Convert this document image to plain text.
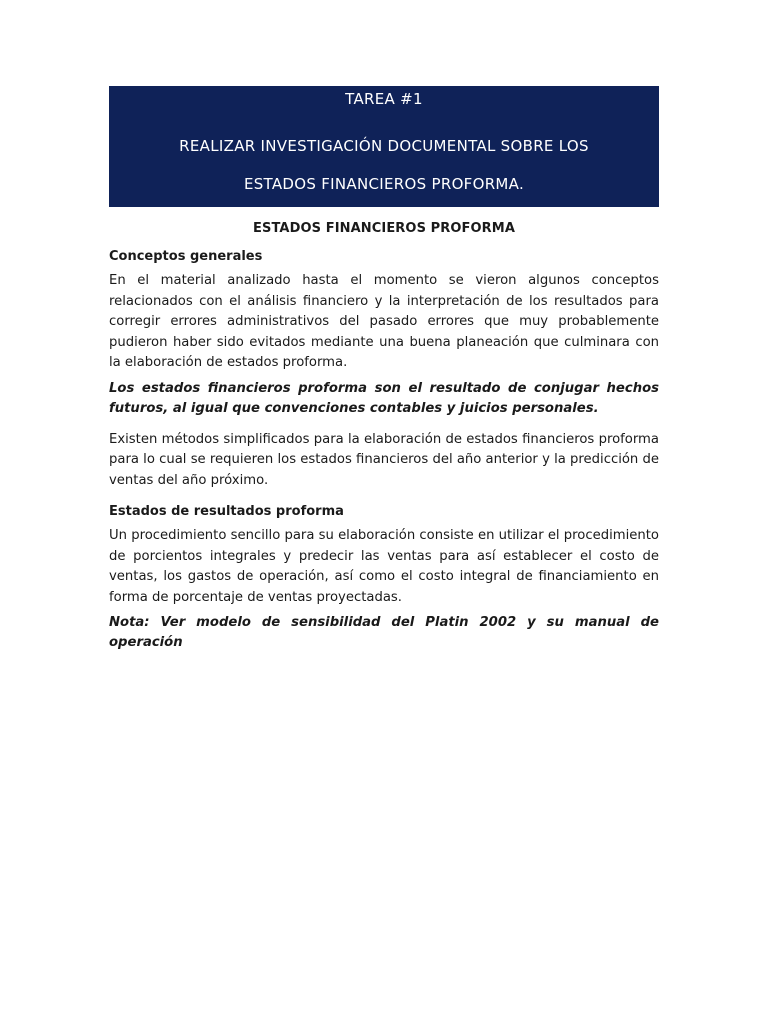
TAREA #1
REALIZAR INVESTIGACIÓN DOCUMENTAL SOBRE LOS
ESTADOS FINANCIEROS PROFORMA.
ESTADOS FINANCIEROS PROFORMA
Conceptos generales
En el material analizado hasta el momento se vieron algunos conceptos relacionados con el análisis financiero y la interpretación de los resultados para corregir errores administrativos del pasado errores que muy probablemente pudieron haber sido evitados mediante una buena planeación que culminara con la elaboración de estados proforma.
Los estados financieros proforma son el resultado de conjugar hechos futuros, al igual que convenciones contables y juicios personales.
Existen métodos simplificados para la elaboración de estados financieros proforma para lo cual se requieren los estados financieros del año anterior y la predicción de ventas del año próximo.
Estados de resultados proforma
Un procedimiento sencillo para su elaboración consiste en utilizar el procedimiento de porcientos integrales y predecir las ventas para así establecer el costo de ventas, los gastos de operación, así como el costo integral de financiamiento en forma de porcentaje de ventas proyectadas.
Nota: Ver modelo de sensibilidad del Platin 2002 y su manual de operación
